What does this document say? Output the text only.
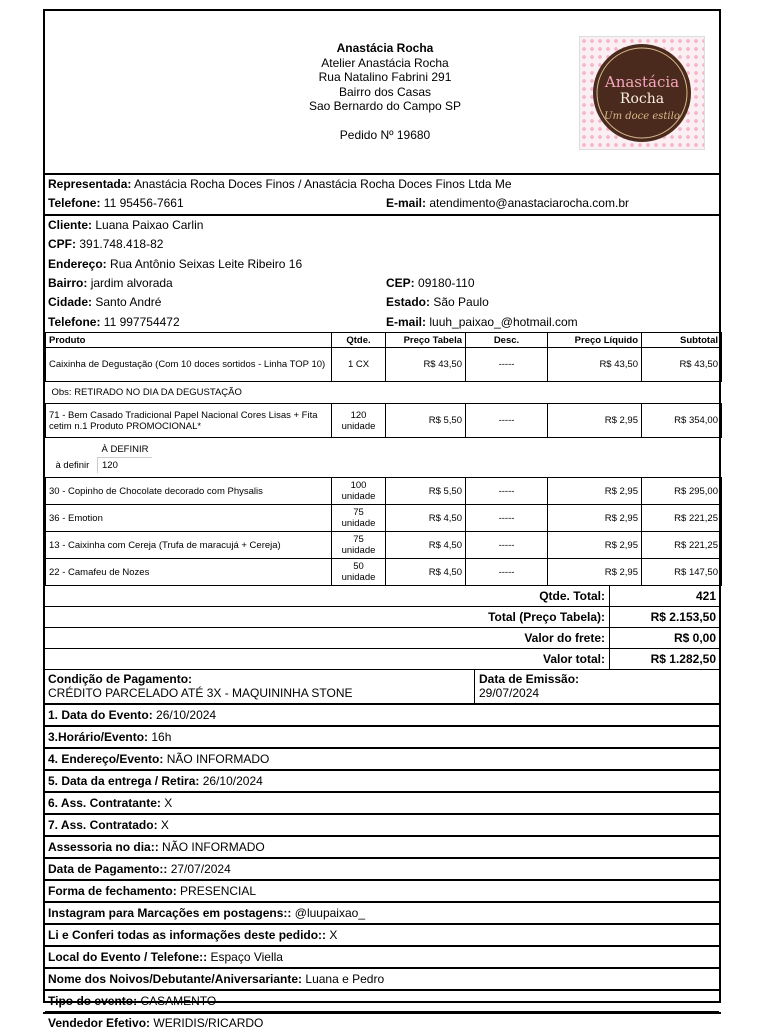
Anastácia Rocha
Atelier Anastácia Rocha
Rua Natalino Fabrini 291
Bairro dos Casas
Sao Bernardo do Campo SP
Pedido Nº 19680
Anastácia
Rocha
Um doce estilo
Representada: Anastácia Rocha Doces Finos / Anastácia Rocha Doces Finos Ltda Me
Telefone: 11 95456-7661	E-mail: atendimento@anastaciarocha.com.br
Cliente: Luana Paixao Carlin
CPF: 391.748.418-82
Endereço: Rua Antônio Seixas Leite Ribeiro 16
Bairro: jardim alvorada	CEP: 09180-110
Cidade: Santo André	Estado: São Paulo
Telefone: 11 997754472	E-mail: luuh_paixao_@hotmail.com
Produto	Qtde.	Preço Tabela	Desc.	Preço Líquido	Subtotal
Caixinha de Degustação (Com 10 doces sortidos - Linha TOP 10)	1 CX	R$ 43,50	-----	R$ 43,50	R$ 43,50
Obs: RETIRADO NO DIA DA DEGUSTAÇÃO
71 - Bem Casado Tradicional Papel Nacional Cores Lisas + Fita cetim n.1 Produto PROMOCIONAL*	120 unidade	R$ 5,50	-----	R$ 2,95	R$ 354,00

	À DEFINIR
à definir	120

30 - Copinho de Chocolate decorado com Physalis	100 unidade	R$ 5,50	-----	R$ 2,95	R$ 295,00
36 - Emotion	75 unidade	R$ 4,50	-----	R$ 2,95	R$ 221,25
13 - Caixinha com Cereja (Trufa de maracujá + Cereja)	75 unidade	R$ 4,50	-----	R$ 2,95	R$ 221,25
22 - Camafeu de Nozes	50 unidade	R$ 4,50	-----	R$ 2,95	R$ 147,50
Qtde. Total:	421
Total (Preço Tabela):	R$ 2.153,50
Valor do frete:	R$ 0,00
Valor total:	R$ 1.282,50
Condição de Pagamento:
CRÉDITO PARCELADO ATÉ 3X - MAQUININHA STONE
Data de Emissão:
29/07/2024
1. Data do Evento: 26/10/2024
3.Horário/Evento: 16h
4. Endereço/Evento: NÃO INFORMADO
5. Data da entrega / Retira: 26/10/2024
6. Ass. Contratante: X
7. Ass. Contratado: X
Assessoria no dia:: NÃO INFORMADO
Data de Pagamento:: 27/07/2024
Forma de fechamento: PRESENCIAL
Instagram para Marcações em postagens:: @luupaixao_
Li e Conferi todas as informações deste pedido:: X
Local do Evento / Telefone:: Espaço Viella
Nome dos Noivos/Debutante/Aniversariante: Luana e Pedro
Tipo do evento: CASAMENTO
Vendedor Efetivo: WERIDIS/RICARDO
